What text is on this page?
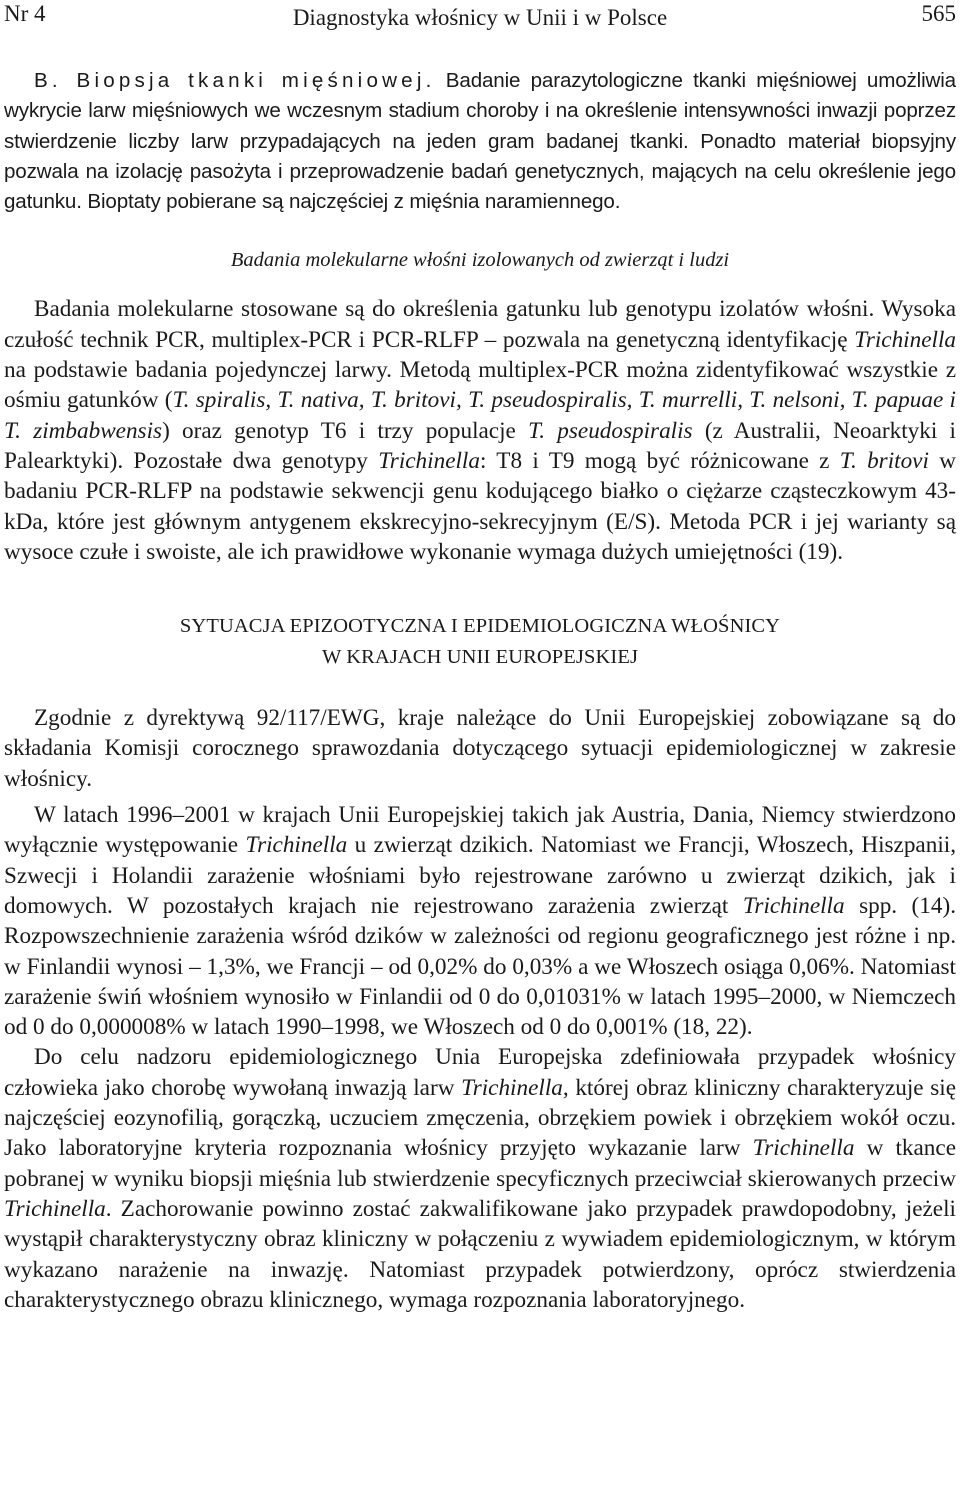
Nr 4	Diagnostyka włośnicy w Unii i w Polsce	565

B. Biopsja tkanki mięśniowej. Badanie parazytologiczne tkanki mięśniowej umożliwia wykrycie larw mięśniowych we wczesnym stadium choroby i na określenie intensywności inwazji poprzez stwierdzenie liczby larw przypadających na jeden gram badanej tkanki. Ponadto materiał biopsyjny pozwala na izolację pasożyta i przeprowadzenie badań genetycznych, mających na celu określenie jego gatunku. Bioptaty pobierane są najczęściej z mięśnia naramiennego.

Badania molekularne włośni izolowanych od zwierząt i ludzi

Badania molekularne stosowane są do określenia gatunku lub genotypu izolatów włośni. Wysoka czułość technik PCR, multiplex-PCR i PCR-RLFP – pozwala na genetyczną identyfikację Trichinella na podstawie badania pojedynczej larwy. Metodą multiplex-PCR można zidentyfikować wszystkie z ośmiu gatunków (T. spiralis, T. nativa, T. britovi, T. pseudospiralis, T. murrelli, T. nelsoni, T. papuae i T. zimbabwensis) oraz genotyp T6 i trzy populacje T. pseudospiralis (z Australii, Neoarktyki i Palearktyki). Pozostałe dwa genotypy Trichinella: T8 i T9 mogą być różnicowane z T. britovi w badaniu PCR-RLFP na podstawie sekwencji genu kodującego białko o ciężarze cząsteczkowym 43-kDa, które jest głównym antygenem ekskrecyjno-sekrecyjnym (E/S). Metoda PCR i jej warianty są wysoce czułe i swoiste, ale ich prawidłowe wykonanie wymaga dużych umiejętności (19).

SYTUACJA EPIZOOTYCZNA I EPIDEMIOLOGICZNA WŁOŚNICY
W KRAJACH UNII EUROPEJSKIEJ

Zgodnie z dyrektywą 92/117/EWG, kraje należące do Unii Europejskiej zobowiązane są do składania Komisji corocznego sprawozdania dotyczącego sytuacji epidemiologicznej w zakresie włośnicy.

W latach 1996–2001 w krajach Unii Europejskiej takich jak Austria, Dania, Niemcy stwierdzono wyłącznie występowanie Trichinella u zwierząt dzikich. Natomiast we Francji, Włoszech, Hiszpanii, Szwecji i Holandii zarażenie włośniami było rejestrowane zarówno u zwierząt dzikich, jak i domowych. W pozostałych krajach nie rejestrowano zarażenia zwierząt Trichinella spp. (14). Rozpowszechnienie zarażenia wśród dzików w zależności od regionu geograficznego jest różne i np. w Finlandii wynosi – 1,3%, we Francji – od 0,02% do 0,03% a we Włoszech osiąga 0,06%. Natomiast zarażenie świń włośniem wynosiło w Finlandii od 0 do 0,01031% w latach 1995–2000, w Niemczech od 0 do 0,000008% w latach 1990–1998, we Włoszech od 0 do 0,001% (18, 22).

Do celu nadzoru epidemiologicznego Unia Europejska zdefiniowała przypadek włośnicy człowieka jako chorobę wywołaną inwazją larw Trichinella, której obraz kliniczny charakteryzuje się najczęściej eozynofilią, gorączką, uczuciem zmęczenia, obrzękiem powiek i obrzękiem wokół oczu. Jako laboratoryjne kryteria rozpoznania włośnicy przyjęto wykazanie larw Trichinella w tkance pobranej w wyniku biopsji mięśnia lub stwierdzenie specyficznych przeciwciał skierowanych przeciw Trichinella. Zachorowanie powinno zostać zakwalifikowane jako przypadek prawdopodobny, jeżeli wystąpił charakterystyczny obraz kliniczny w połączeniu z wywiadem epidemiologicznym, w którym wykazano narażenie na inwazję. Natomiast przypadek potwierdzony, oprócz stwierdzenia charakterystycznego obrazu klinicznego, wymaga rozpoznania laboratoryjnego.
